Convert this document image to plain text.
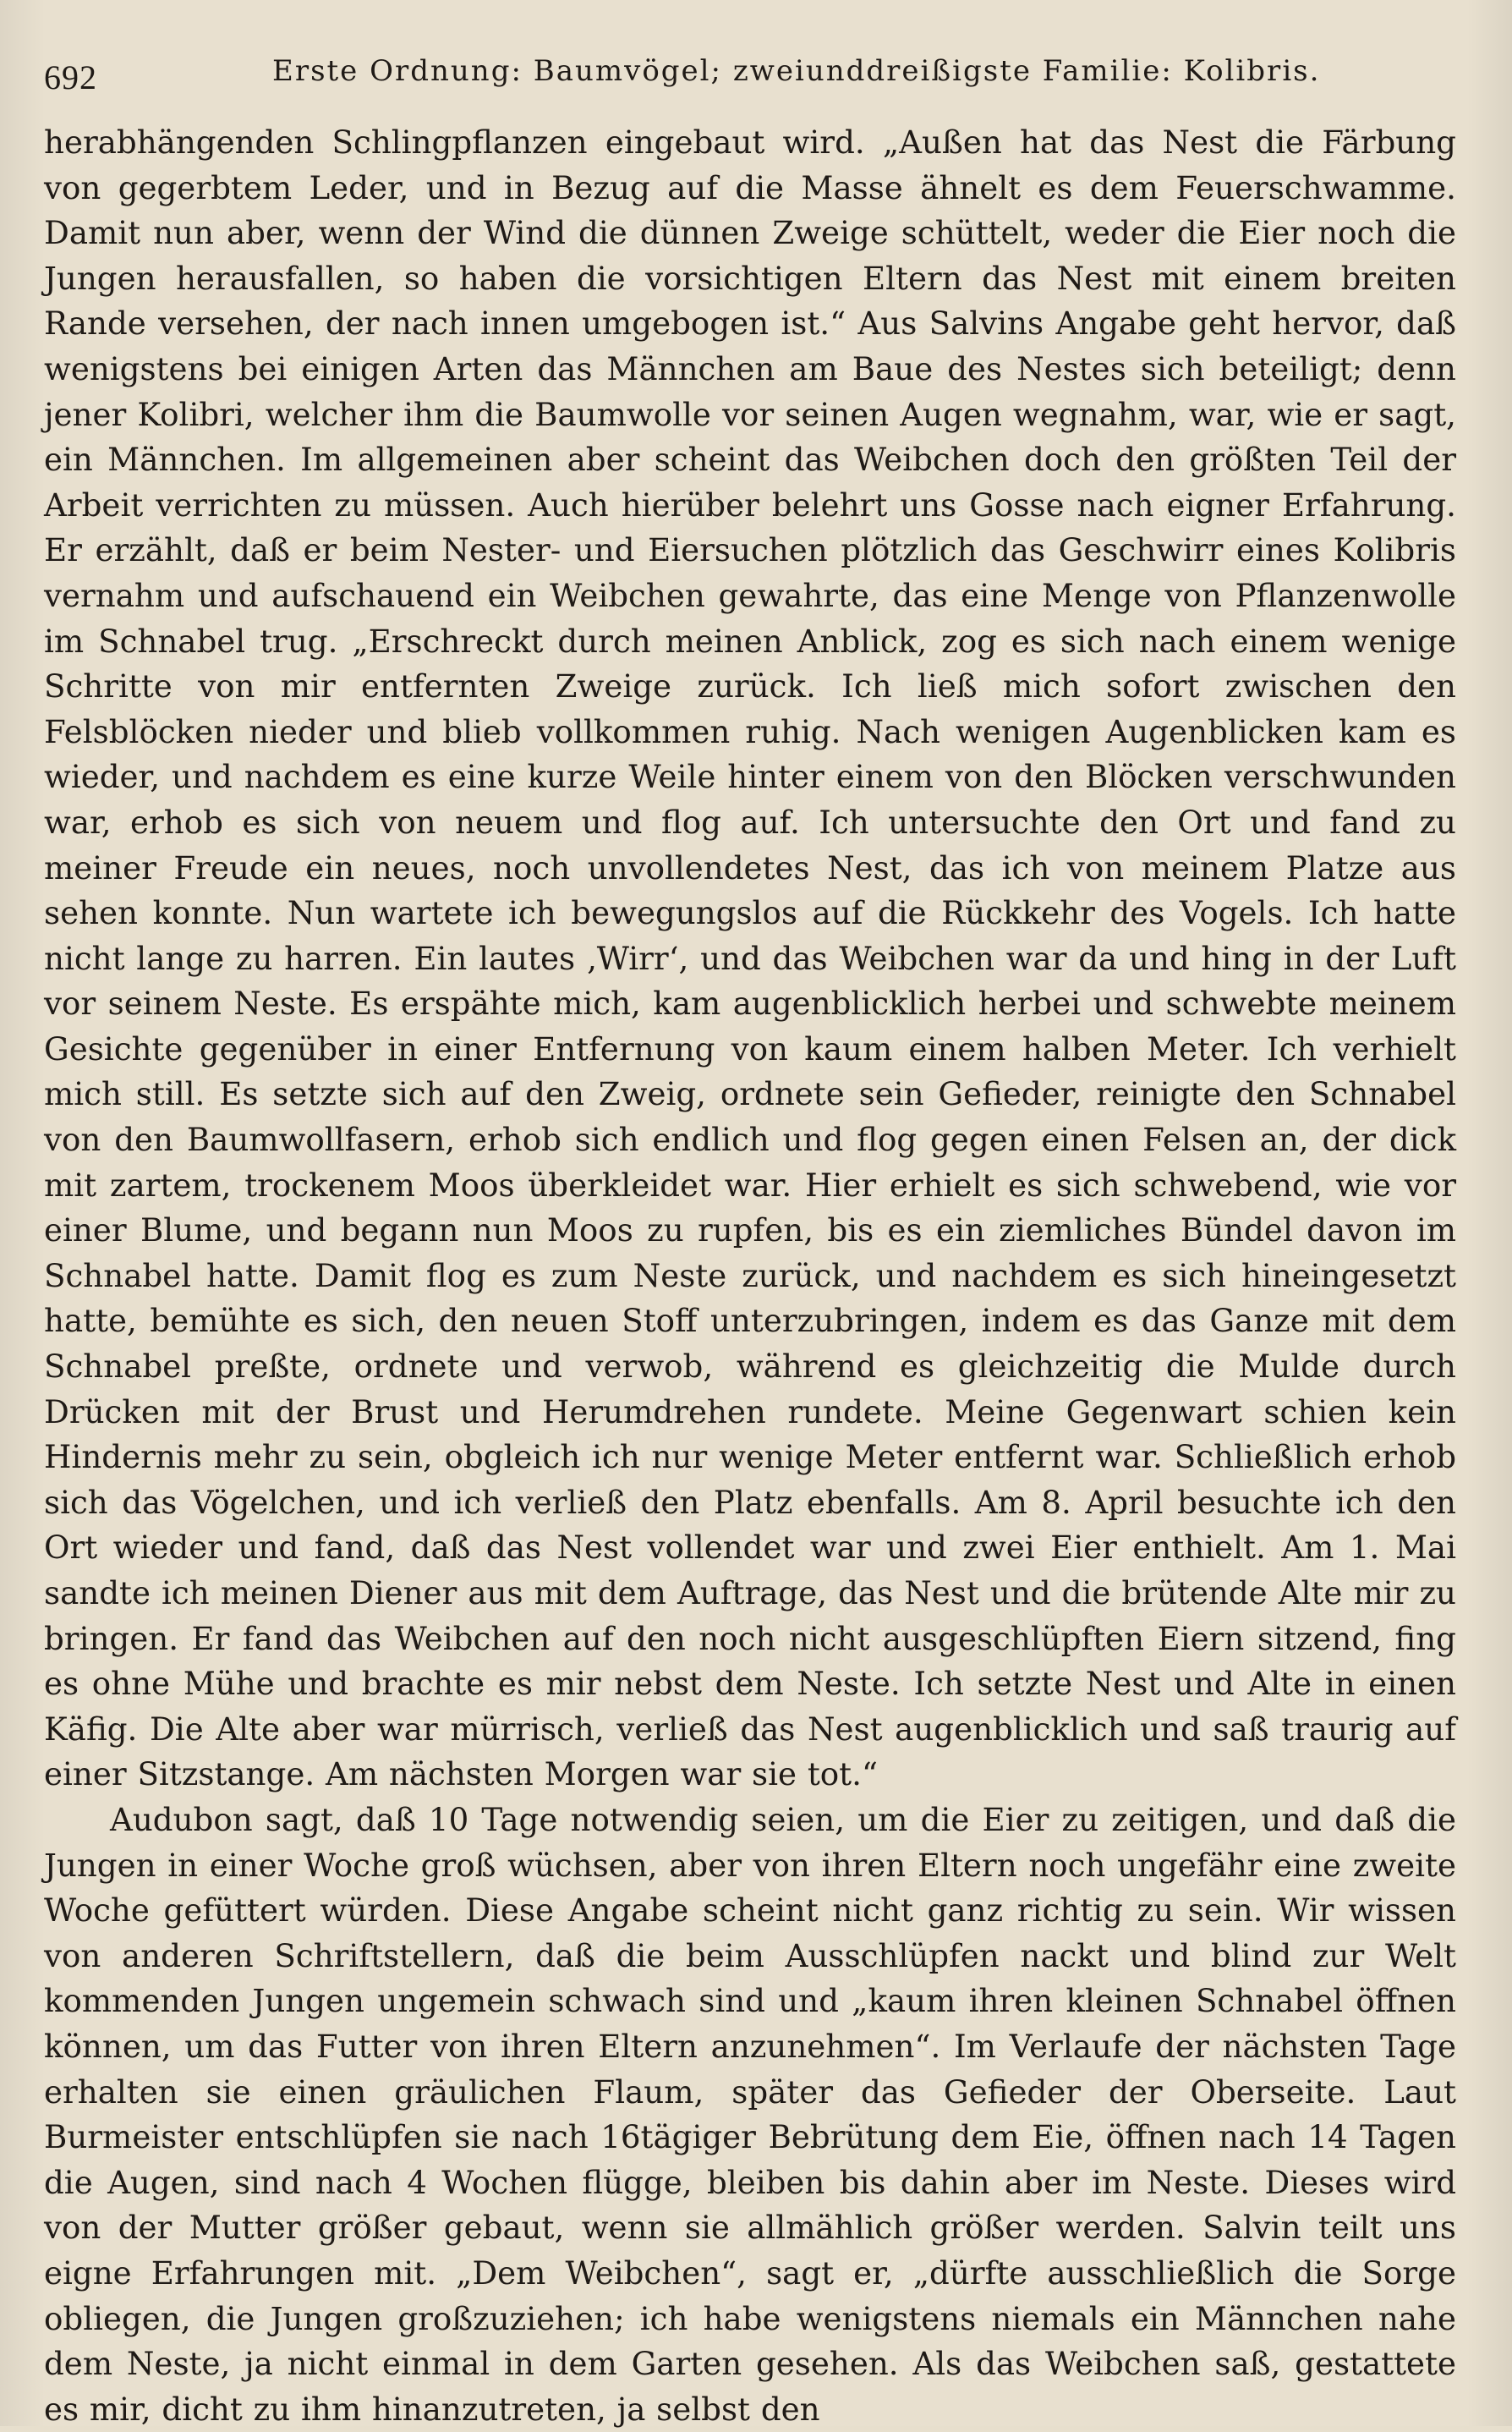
692	Erste Ordnung: Baumvögel; zweiunddreißigste Familie: Kolibris.

herabhängenden Schlingpflanzen eingebaut wird. „Außen hat das Nest die Färbung von gegerbtem Leder, und in Bezug auf die Masse ähnelt es dem Feuerschwamme. Damit nun aber, wenn der Wind die dünnen Zweige schüttelt, weder die Eier noch die Jungen herausfallen, so haben die vorsichtigen Eltern das Nest mit einem breiten Rande versehen, der nach innen umgebogen ist.“ Aus Salvins Angabe geht hervor, daß wenigstens bei einigen Arten das Männchen am Baue des Nestes sich beteiligt; denn jener Kolibri, welcher ihm die Baumwolle vor seinen Augen wegnahm, war, wie er sagt, ein Männchen. Im allgemeinen aber scheint das Weibchen doch den größten Teil der Arbeit verrichten zu müssen. Auch hierüber belehrt uns Gosse nach eigner Erfahrung. Er erzählt, daß er beim Nester- und Eiersuchen plötzlich das Geschwirr eines Kolibris vernahm und aufschauend ein Weibchen gewahrte, das eine Menge von Pflanzenwolle im Schnabel trug. „Erschreckt durch meinen Anblick, zog es sich nach einem wenige Schritte von mir entfernten Zweige zurück. Ich ließ mich sofort zwischen den Felsblöcken nieder und blieb vollkommen ruhig. Nach wenigen Augenblicken kam es wieder, und nachdem es eine kurze Weile hinter einem von den Blöcken verschwunden war, erhob es sich von neuem und flog auf. Ich untersuchte den Ort und fand zu meiner Freude ein neues, noch unvollendetes Nest, das ich von meinem Platze aus sehen konnte. Nun wartete ich bewegungslos auf die Rückkehr des Vogels. Ich hatte nicht lange zu harren. Ein lautes ‚Wirr‘, und das Weibchen war da und hing in der Luft vor seinem Neste. Es erspähte mich, kam augenblicklich herbei und schwebte meinem Gesichte gegenüber in einer Entfernung von kaum einem halben Meter. Ich verhielt mich still. Es setzte sich auf den Zweig, ordnete sein Gefieder, reinigte den Schnabel von den Baumwollfasern, erhob sich endlich und flog gegen einen Felsen an, der dick mit zartem, trockenem Moos überkleidet war. Hier erhielt es sich schwebend, wie vor einer Blume, und begann nun Moos zu rupfen, bis es ein ziemliches Bündel davon im Schnabel hatte. Damit flog es zum Neste zurück, und nachdem es sich hineingesetzt hatte, bemühte es sich, den neuen Stoff unterzubringen, indem es das Ganze mit dem Schnabel preßte, ordnete und verwob, während es gleichzeitig die Mulde durch Drücken mit der Brust und Herumdrehen rundete. Meine Gegenwart schien kein Hindernis mehr zu sein, obgleich ich nur wenige Meter entfernt war. Schließlich erhob sich das Vögelchen, und ich verließ den Platz ebenfalls. Am 8. April besuchte ich den Ort wieder und fand, daß das Nest vollendet war und zwei Eier enthielt. Am 1. Mai sandte ich meinen Diener aus mit dem Auftrage, das Nest und die brütende Alte mir zu bringen. Er fand das Weibchen auf den noch nicht ausgeschlüpften Eiern sitzend, fing es ohne Mühe und brachte es mir nebst dem Neste. Ich setzte Nest und Alte in einen Käfig. Die Alte aber war mürrisch, verließ das Nest augenblicklich und saß traurig auf einer Sitzstange. Am nächsten Morgen war sie tot.“

Audubon sagt, daß 10 Tage notwendig seien, um die Eier zu zeitigen, und daß die Jungen in einer Woche groß wüchsen, aber von ihren Eltern noch ungefähr eine zweite Woche gefüttert würden. Diese Angabe scheint nicht ganz richtig zu sein. Wir wissen von anderen Schriftstellern, daß die beim Ausschlüpfen nackt und blind zur Welt kommenden Jungen ungemein schwach sind und „kaum ihren kleinen Schnabel öffnen können, um das Futter von ihren Eltern anzunehmen“. Im Verlaufe der nächsten Tage erhalten sie einen gräulichen Flaum, später das Gefieder der Oberseite. Laut Burmeister entschlüpfen sie nach 16tägiger Bebrütung dem Eie, öffnen nach 14 Tagen die Augen, sind nach 4 Wochen flügge, bleiben bis dahin aber im Neste. Dieses wird von der Mutter größer gebaut, wenn sie allmählich größer werden. Salvin teilt uns eigne Erfahrungen mit. „Dem Weibchen“, sagt er, „dürfte ausschließlich die Sorge obliegen, die Jungen großzuziehen; ich habe wenigstens niemals ein Männchen nahe dem Neste, ja nicht einmal in dem Garten gesehen. Als das Weibchen saß, gestattete es mir, dicht zu ihm hinanzutreten, ja selbst den
